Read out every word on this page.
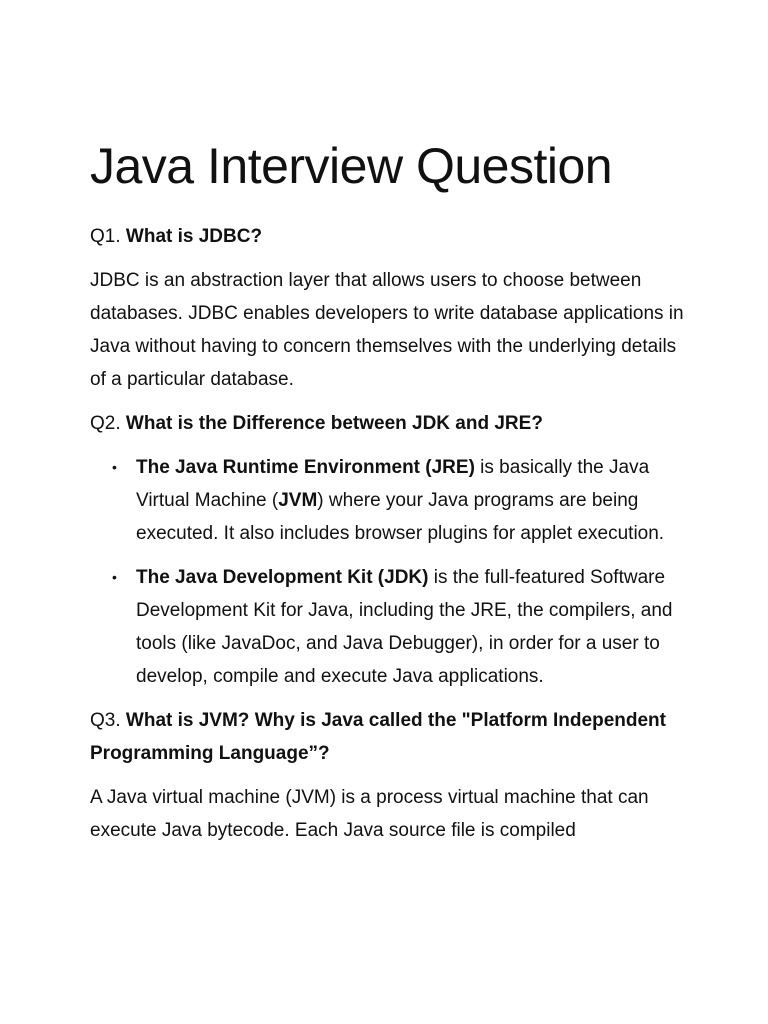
Java Interview Question

Q1. What is JDBC?

JDBC is an abstraction layer that allows users to choose between databases. JDBC enables developers to write database applications in Java without having to concern themselves with the underlying details of a particular database.

Q2. What is the Difference between JDK and JRE?

• The Java Runtime Environment (JRE) is basically the Java Virtual Machine (JVM) where your Java programs are being executed. It also includes browser plugins for applet execution.
• The Java Development Kit (JDK) is the full-featured Software Development Kit for Java, including the JRE, the compilers, and tools (like JavaDoc, and Java Debugger), in order for a user to develop, compile and execute Java applications.

Q3. What is JVM? Why is Java called the "Platform Independent Programming Language”?

A Java virtual machine (JVM) is a process virtual machine that can execute Java bytecode. Each Java source file is compiled
